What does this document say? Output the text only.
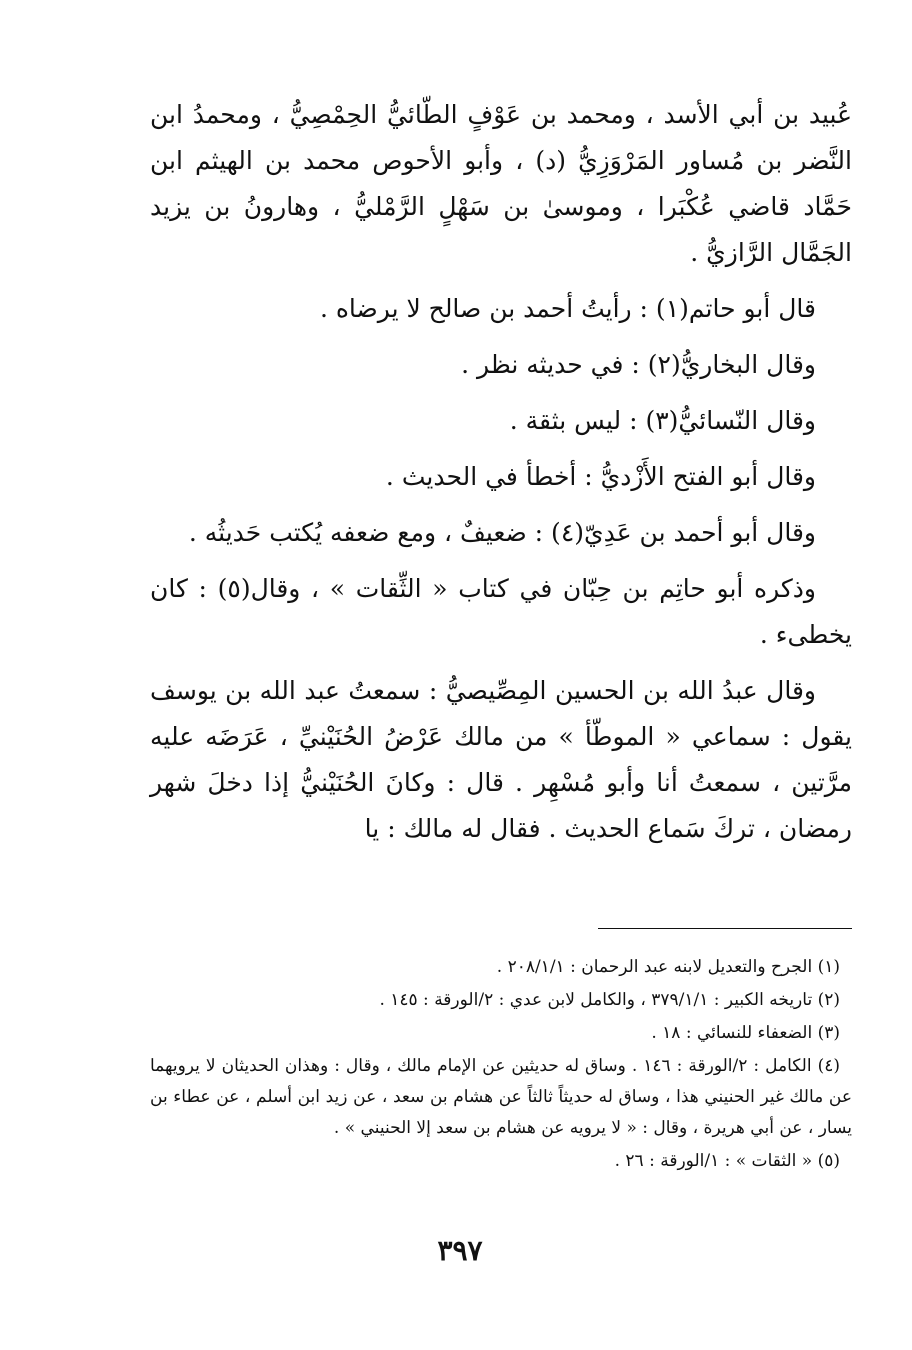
عُبيد بن أبي الأسد ، ومحمد بن عَوْفٍ الطّائيُّ الحِمْصِيُّ ، ومحمدُ ابن النَّضر بن مُساور المَرْوَزِيُّ (د) ، وأبو الأحوص محمد بن الهيثم ابن حَمَّاد قاضي عُكْبَرا ، وموسىٰ بن سَهْلٍ الرَّمْليُّ ، وهارونُ بن يزيد الجَمَّال الرَّازيُّ .

قال أبو حاتم(١) : رأيتُ أحمد بن صالح لا يرضاه .

وقال البخاريُّ(٢) : في حديثه نظر .

وقال النّسائيُّ(٣) : ليس بثقة .

وقال أبو الفتح الأَزْديُّ : أخطأ في الحديث .

وقال أبو أحمد بن عَدِيّ(٤) : ضعيفٌ ، ومع ضعفه يُكتب حَديثُه .

وذكره أبو حاتِم بن حِبّان في كتاب « الثِّقات » ، وقال(٥) : كان يخطىء .

وقال عبدُ الله بن الحسين المِصِّيصيُّ : سمعتُ عبد الله بن يوسف يقول : سماعي « الموطّأ » من مالك عَرْضُ الحُنَيْنيِّ ، عَرَضَه عليه مرَّتين ، سمعتُ أنا وأبو مُسْهِر . قال : وكانَ الحُنَيْنيُّ إذا دخلَ شهر رمضان ، تركَ سَماع الحديث . فقال له مالك : يا

(١) الجرح والتعديل لابنه عبد الرحمان : ٢٠٨/١/١ .

(٢) تاريخه الكبير : ٣٧٩/١/١ ، والكامل لابن عدي : ٢/الورقة : ١٤٥ .

(٣) الضعفاء للنسائي : ١٨ .

(٤) الكامل : ٢/الورقة : ١٤٦ . وساق له حديثين عن الإمام مالك ، وقال : وهذان الحديثان لا يرويهما عن مالك غير الحنيني هذا ، وساق له حديثاً ثالثاً عن هشام بن سعد ، عن زيد ابن أسلم ، عن عطاء بن يسار ، عن أبي هريرة ، وقال : « لا يرويه عن هشام بن سعد إلا الحنيني » .

(٥) « الثقات » : ١/الورقة : ٢٦ .

٣٩٧
